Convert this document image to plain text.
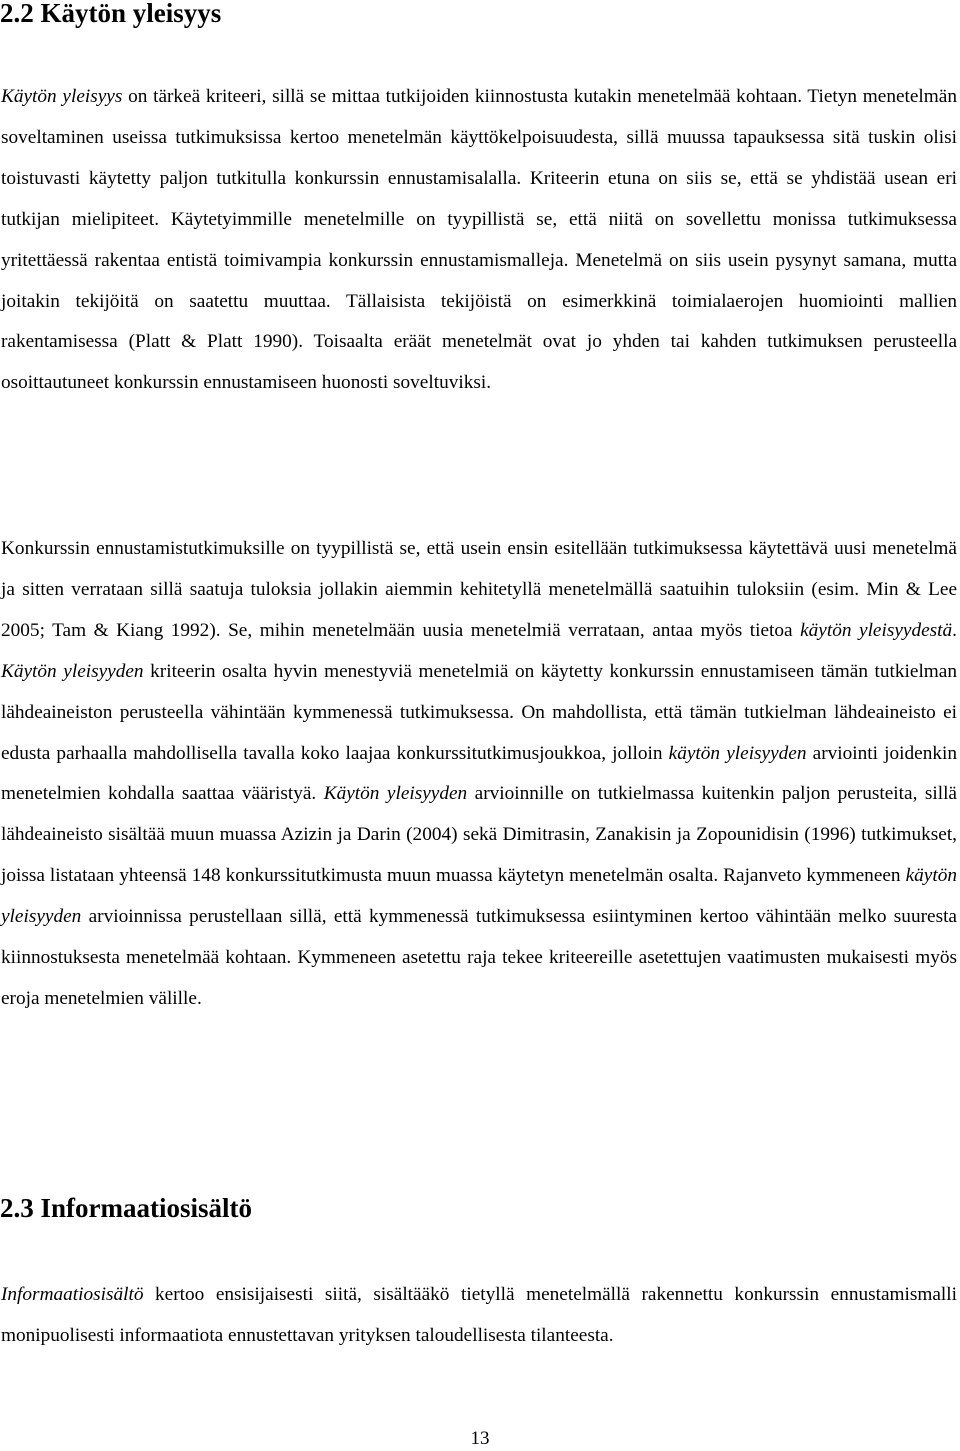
2.2 Käytön yleisyys

Käytön yleisyys on tärkeä kriteeri, sillä se mittaa tutkijoiden kiinnostusta kutakin menetelmää kohtaan. Tietyn menetelmän soveltaminen useissa tutkimuksissa kertoo menetelmän käyttökelpoisuudesta, sillä muussa tapauksessa sitä tuskin olisi toistuvasti käytetty paljon tutkitulla konkurssin ennustamisalalla. Kriteerin etuna on siis se, että se yhdistää usean eri tutkijan mielipiteet. Käytetyimmille menetelmille on tyypillistä se, että niitä on sovellettu monissa tutkimuksessa yritettäessä rakentaa entistä toimivampia konkurssin ennustamismalleja. Menetelmä on siis usein pysynyt samana, mutta joitakin tekijöitä on saatettu muuttaa. Tällaisista tekijöistä on esimerkkinä toimialaerojen huomiointi mallien rakentamisessa (Platt & Platt 1990). Toisaalta eräät menetelmät ovat jo yhden tai kahden tutkimuksen perusteella osoittautuneet konkurssin ennustamiseen huonosti soveltuviksi.

Konkurssin ennustamistutkimuksille on tyypillistä se, että usein ensin esitellään tutkimuksessa käytettävä uusi menetelmä ja sitten verrataan sillä saatuja tuloksia jollakin aiemmin kehitetyllä menetelmällä saatuihin tuloksiin (esim. Min & Lee 2005; Tam & Kiang 1992). Se, mihin menetelmään uusia menetelmiä verrataan, antaa myös tietoa käytön yleisyydestä. Käytön yleisyyden kriteerin osalta hyvin menestyviä menetelmiä on käytetty konkurssin ennustamiseen tämän tutkielman lähdeaineiston perusteella vähintään kymmenessä tutkimuksessa. On mahdollista, että tämän tutkielman lähdeaineisto ei edusta parhaalla mahdollisella tavalla koko laajaa konkurssitutkimusjoukkoa, jolloin käytön yleisyyden arviointi joidenkin menetelmien kohdalla saattaa vääristyä. Käytön yleisyyden arvioinnille on tutkielmassa kuitenkin paljon perusteita, sillä lähdeaineisto sisältää muun muassa Azizin ja Darin (2004) sekä Dimitrasin, Zanakisin ja Zopounidisin (1996) tutkimukset, joissa listataan yhteensä 148 konkurssitutkimusta muun muassa käytetyn menetelmän osalta. Rajanveto kymmeneen käytön yleisyyden arvioinnissa perustellaan sillä, että kymmenessä tutkimuksessa esiintyminen kertoo vähintään melko suuresta kiinnostuksesta menetelmää kohtaan. Kymmeneen asetettu raja tekee kriteereille asetettujen vaatimusten mukaisesti myös eroja menetelmien välille.

2.3 Informaatiosisältö

Informaatiosisältö kertoo ensisijaisesti siitä, sisältääkö tietyllä menetelmällä rakennettu konkurssin ennustamismalli monipuolisesti informaatiota ennustettavan yrityksen taloudellisesta tilanteesta.

13
